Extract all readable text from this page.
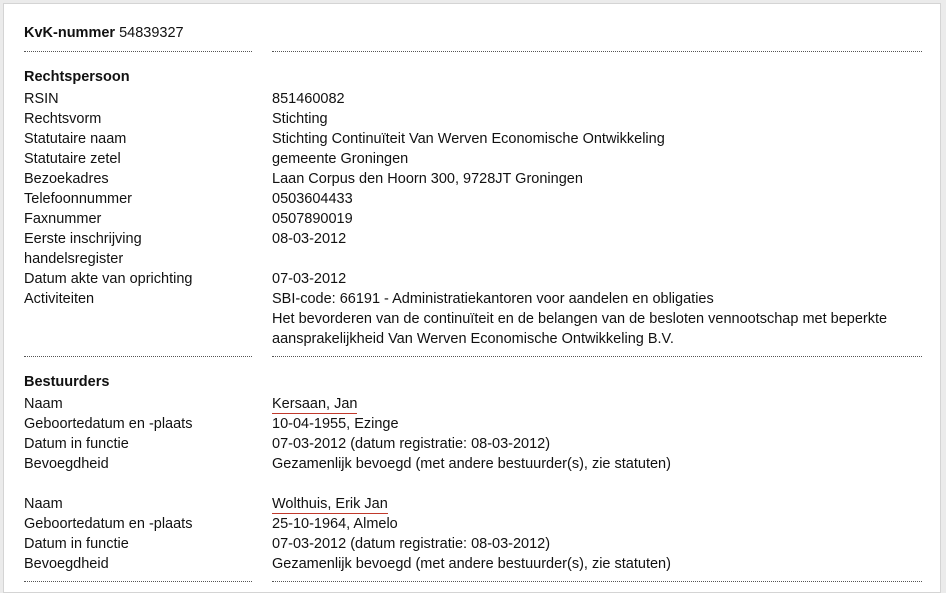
KvK-nummer 54839327
Rechtspersoon
RSIN	851460082
Rechtsvorm	Stichting
Statutaire naam	Stichting Continuïteit Van Werven Economische Ontwikkeling
Statutaire zetel	gemeente Groningen
Bezoekadres	Laan Corpus den Hoorn 300, 9728JT Groningen
Telefoonnummer	0503604433
Faxnummer	0507890019
Eerste inschrijving	08-03-2012
handelsregister
Datum akte van oprichting	07-03-2012
Activiteiten	SBI-code: 66191 - Administratiekantoren voor aandelen en obligaties
Het bevorderen van de continuïteit en de belangen van de besloten vennootschap met beperkte
aansprakelijkheid Van Werven Economische Ontwikkeling B.V.
Bestuurders
Naam	Kersaan, Jan
Geboortedatum en -plaats	10-04-1955, Ezinge
Datum in functie	07-03-2012 (datum registratie: 08-03-2012)
Bevoegdheid	Gezamenlijk bevoegd (met andere bestuurder(s), zie statuten)
Naam	Wolthuis, Erik Jan
Geboortedatum en -plaats	25-10-1964, Almelo
Datum in functie	07-03-2012 (datum registratie: 08-03-2012)
Bevoegdheid	Gezamenlijk bevoegd (met andere bestuurder(s), zie statuten)
